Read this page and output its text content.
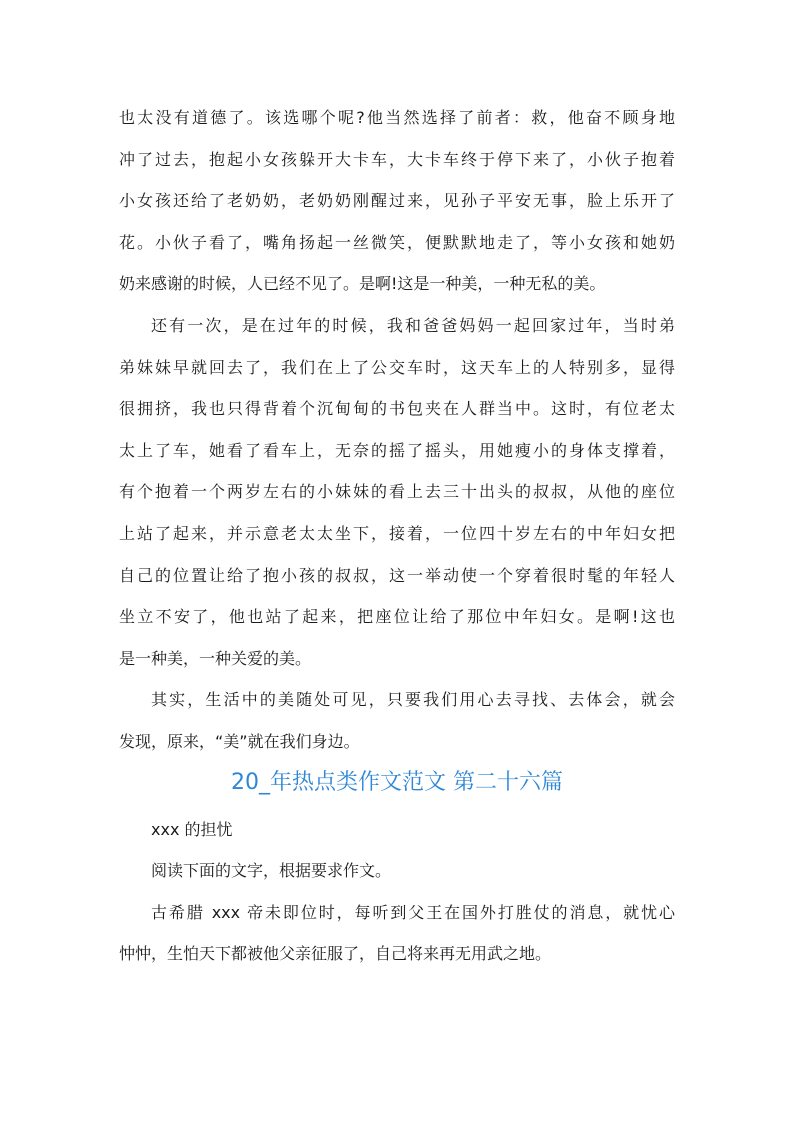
也太没有道德了。该选哪个呢?他当然选择了前者：救，他奋不顾身地
冲了过去，抱起小女孩躲开大卡车，大卡车终于停下来了，小伙子抱着
小女孩还给了老奶奶，老奶奶刚醒过来，见孙子平安无事，脸上乐开了
花。小伙子看了，嘴角扬起一丝微笑，便默默地走了，等小女孩和她奶
奶来感谢的时候，人已经不见了。是啊!这是一种美，一种无私的美。
还有一次，是在过年的时候，我和爸爸妈妈一起回家过年，当时弟
弟妹妹早就回去了，我们在上了公交车时，这天车上的人特别多，显得
很拥挤，我也只得背着个沉甸甸的书包夹在人群当中。这时，有位老太
太上了车，她看了看车上，无奈的摇了摇头，用她瘦小的身体支撑着，
有个抱着一个两岁左右的小妹妹的看上去三十出头的叔叔，从他的座位
上站了起来，并示意老太太坐下，接着，一位四十岁左右的中年妇女把
自己的位置让给了抱小孩的叔叔，这一举动使一个穿着很时髦的年轻人
坐立不安了，他也站了起来，把座位让给了那位中年妇女。是啊!这也
是一种美，一种关爱的美。
其实，生活中的美随处可见，只要我们用心去寻找、去体会，就会
发现，原来，“美”就在我们身边。
20_年热点类作文范文 第二十六篇
xxx 的担忧
阅读下面的文字，根据要求作文。
古希腊 xxx 帝未即位时，每听到父王在国外打胜仗的消息，就忧心
忡忡，生怕天下都被他父亲征服了，自己将来再无用武之地。
